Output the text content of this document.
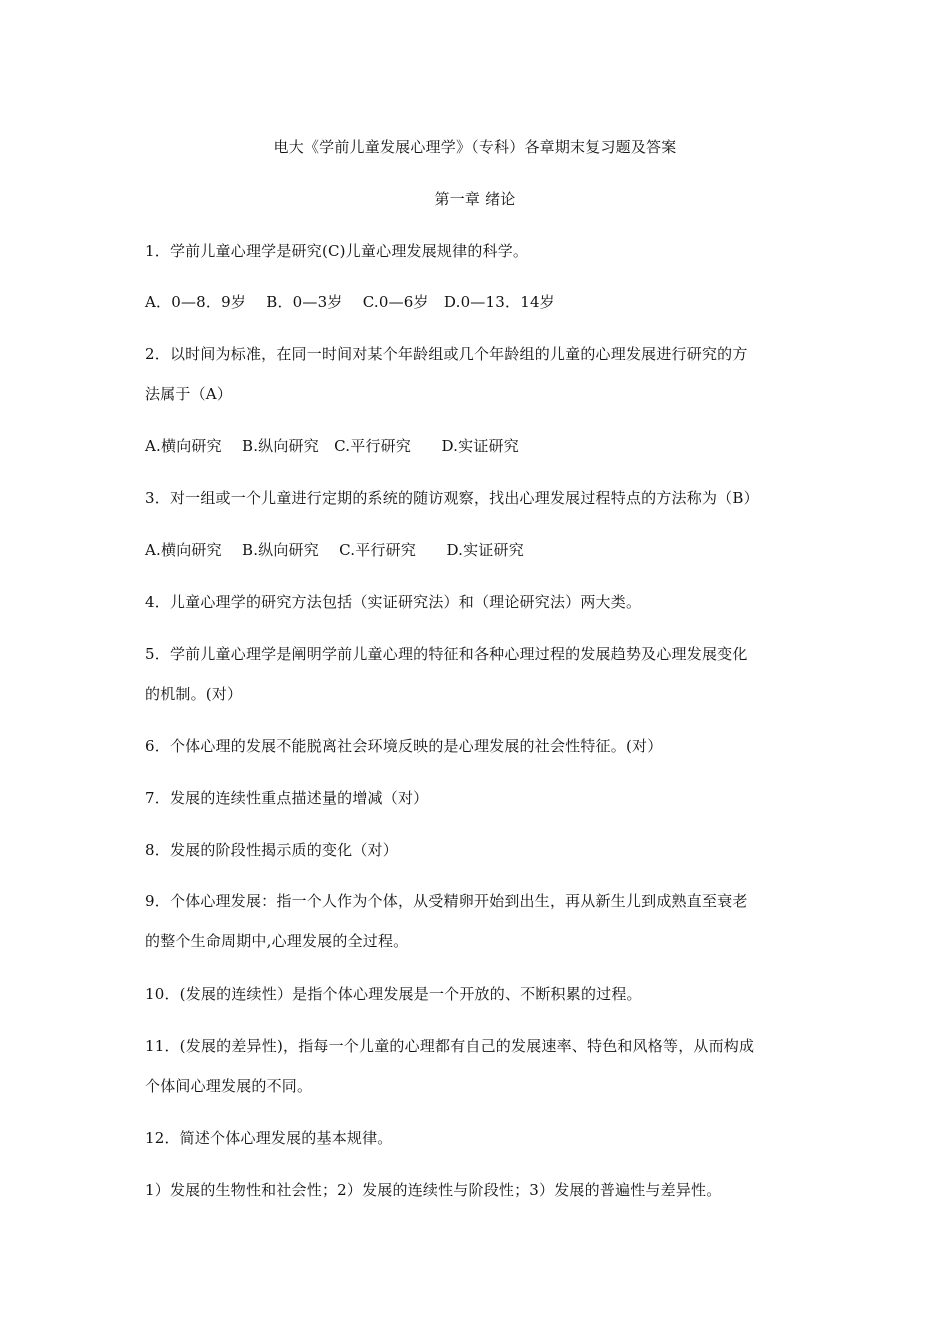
电大《学前儿童发展心理学》（专科）各章期末复习题及答案
第一章 绪论
1．学前儿童心理学是研究(C)儿童心理发展规律的科学。
A．0—8．9岁　 B．0—3岁　 C.0—6岁　D.0—13．14岁
2．以时间为标准，在同一时间对某个年龄组或几个年龄组的儿童的心理发展进行研究的方
法属于（A）
A.横向研究　 B.纵向研究　C.平行研究　　D.实证研究
3．对一组或一个儿童进行定期的系统的随访观察，找出心理发展过程特点的方法称为（B）
A.横向研究　 B.纵向研究　 C.平行研究　　D.实证研究
4．儿童心理学的研究方法包括（实证研究法）和（理论研究法）两大类。
5．学前儿童心理学是阐明学前儿童心理的特征和各种心理过程的发展趋势及心理发展变化
的机制。(对）
6．个体心理的发展不能脱离社会环境反映的是心理发展的社会性特征。(对）
7．发展的连续性重点描述量的增减（对）
8．发展的阶段性揭示质的变化（对）
9．个体心理发展：指一个人作为个体，从受精卵开始到出生，再从新生儿到成熟直至衰老
的整个生命周期中,心理发展的全过程。
10．(发展的连续性）是指个体心理发展是一个开放的、不断积累的过程。
11．(发展的差异性)，指每一个儿童的心理都有自己的发展速率、特色和风格等，从而构成
个体间心理发展的不同。
12．简述个体心理发展的基本规律。
1）发展的生物性和社会性；2）发展的连续性与阶段性；3）发展的普遍性与差异性。
